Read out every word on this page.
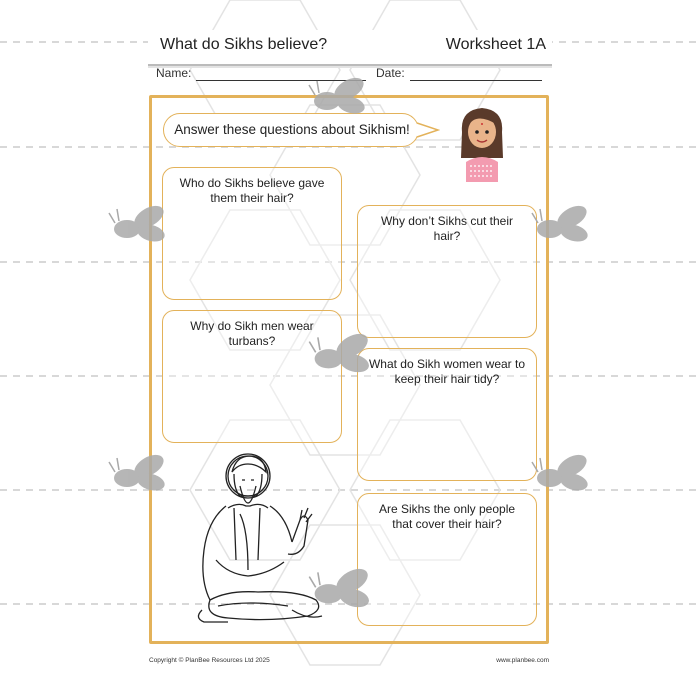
What do Sikhs believe?	Worksheet 1A
Name:	Date:
Answer these questions about Sikhism!
Who do Sikhs believe gave them their hair?
Why don’t Sikhs cut their hair?
Why do Sikh men wear turbans?
What do Sikh women wear to keep their hair tidy?
Are Sikhs the only people that cover their hair?
Copyright © PlanBee Resources Ltd 2025	www.planbee.com
